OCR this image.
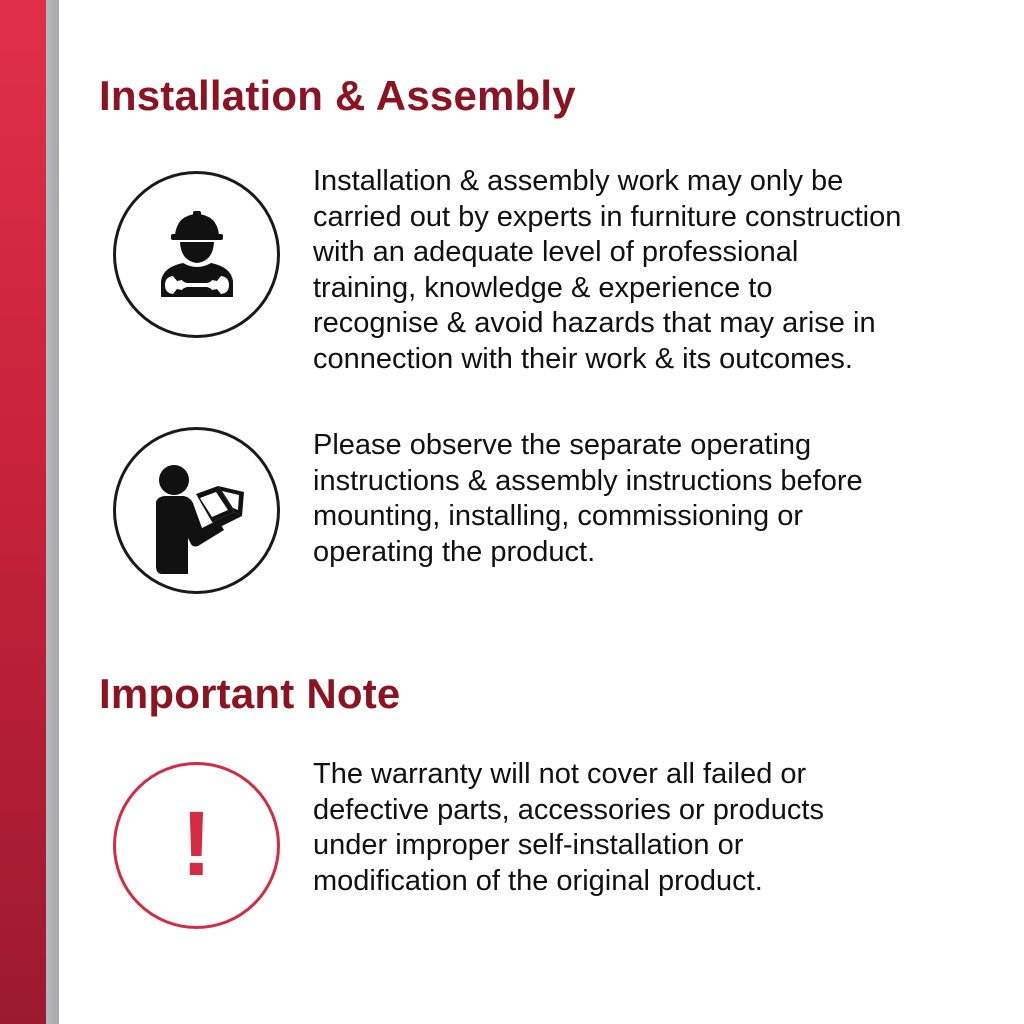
Installation & Assembly

Installation & assembly work may only be
carried out by experts in furniture construction
with an adequate level of professional
training, knowledge & experience to
recognise & avoid hazards that may arise in
connection with their work & its outcomes.

Please observe the separate operating
instructions & assembly instructions before
mounting, installing, commissioning or
operating the product.

Important Note
!

The warranty will not cover all failed or
defective parts, accessories or products
under improper self-installation or
modification of the original product.
